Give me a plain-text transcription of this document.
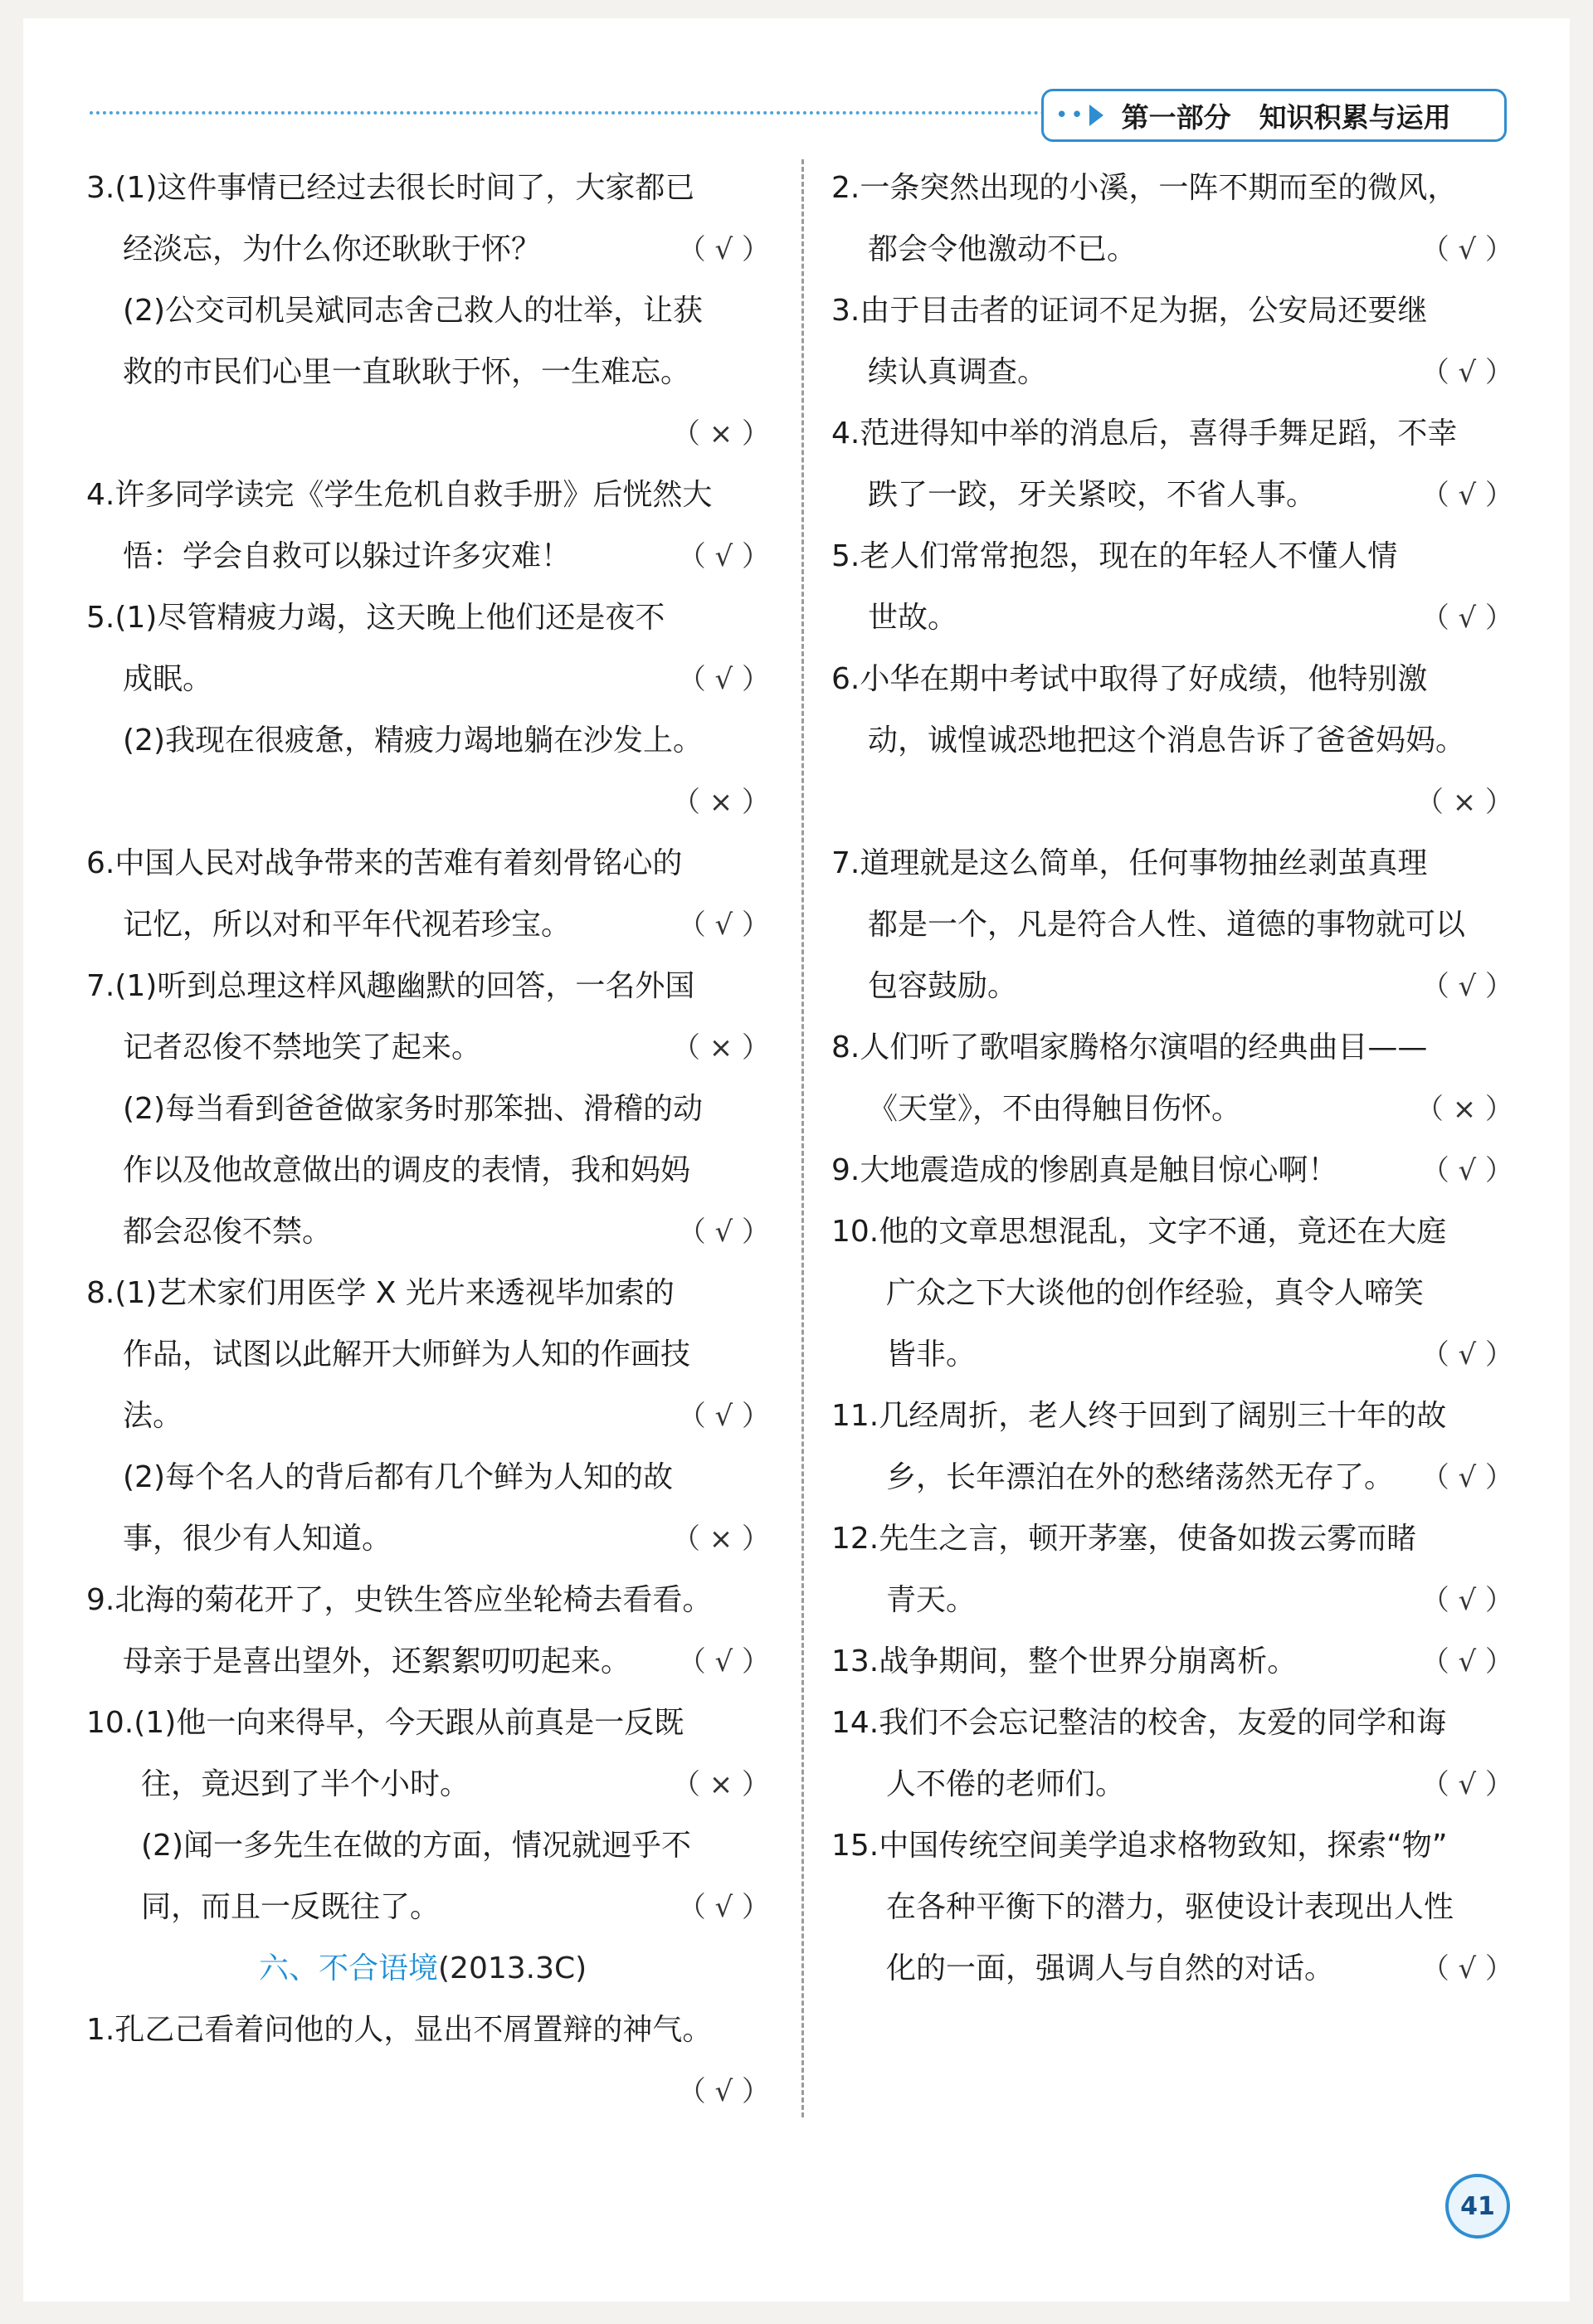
•• 第一部分 知识积累与运用
3.(1)这件事情已经过去很长时间了，大家都已
经淡忘，为什么你还耿耿于怀？	（ √ ）
(2)公交司机吴斌同志舍己救人的壮举，让获
救的市民们心里一直耿耿于怀，一生难忘。
（ × ）
4.许多同学读完《学生危机自救手册》后恍然大
悟：学会自救可以躲过许多灾难！	（ √ ）
5.(1)尽管精疲力竭，这天晚上他们还是夜不
成眠。	（ √ ）
(2)我现在很疲惫，精疲力竭地躺在沙发上。
（ × ）
6.中国人民对战争带来的苦难有着刻骨铭心的
记忆，所以对和平年代视若珍宝。	（ √ ）
7.(1)听到总理这样风趣幽默的回答，一名外国
记者忍俊不禁地笑了起来。	（ × ）
(2)每当看到爸爸做家务时那笨拙、滑稽的动
作以及他故意做出的调皮的表情，我和妈妈
都会忍俊不禁。	（ √ ）
8.(1)艺术家们用医学 X 光片来透视毕加索的
作品，试图以此解开大师鲜为人知的作画技
法。	（ √ ）
(2)每个名人的背后都有几个鲜为人知的故
事，很少有人知道。	（ × ）
9.北海的菊花开了，史铁生答应坐轮椅去看看。
母亲于是喜出望外，还絮絮叨叨起来。 （ √ ）
10.(1)他一向来得早，今天跟从前真是一反既
往，竟迟到了半个小时。	（ × ）
(2)闻一多先生在做的方面，情况就迥乎不
同，而且一反既往了。	（ √ ）
六、不合语境(2013.3C)
1.孔乙己看着问他的人，显出不屑置辩的神气。
（ √ ）
2.一条突然出现的小溪，一阵不期而至的微风，
都会令他激动不已。	（ √ ）
3.由于目击者的证词不足为据，公安局还要继
续认真调查。	（ √ ）
4.范进得知中举的消息后，喜得手舞足蹈，不幸
跌了一跤，牙关紧咬，不省人事。	（ √ ）
5.老人们常常抱怨，现在的年轻人不懂人情
世故。	（ √ ）
6.小华在期中考试中取得了好成绩，他特别激
动，诚惶诚恐地把这个消息告诉了爸爸妈妈。
（ × ）
7.道理就是这么简单，任何事物抽丝剥茧真理
都是一个，凡是符合人性、道德的事物就可以
包容鼓励。	（ √ ）
8.人们听了歌唱家腾格尔演唱的经典曲目——
《天堂》，不由得触目伤怀。	（ × ）
9.大地震造成的惨剧真是触目惊心啊！	（ √ ）
10.他的文章思想混乱，文字不通，竟还在大庭
广众之下大谈他的创作经验，真令人啼笑
皆非。	（ √ ）
11.几经周折，老人终于回到了阔别三十年的故
乡，长年漂泊在外的愁绪荡然无存了。 （ √ ）
12.先生之言，顿开茅塞，使备如拨云雾而睹
青天。	（ √ ）
13.战争期间，整个世界分崩离析。	（ √ ）
14.我们不会忘记整洁的校舍，友爱的同学和诲
人不倦的老师们。	（ √ ）
15.中国传统空间美学追求格物致知，探索“物”
在各种平衡下的潜力，驱使设计表现出人性
化的一面，强调人与自然的对话。	（ √ ）
41
